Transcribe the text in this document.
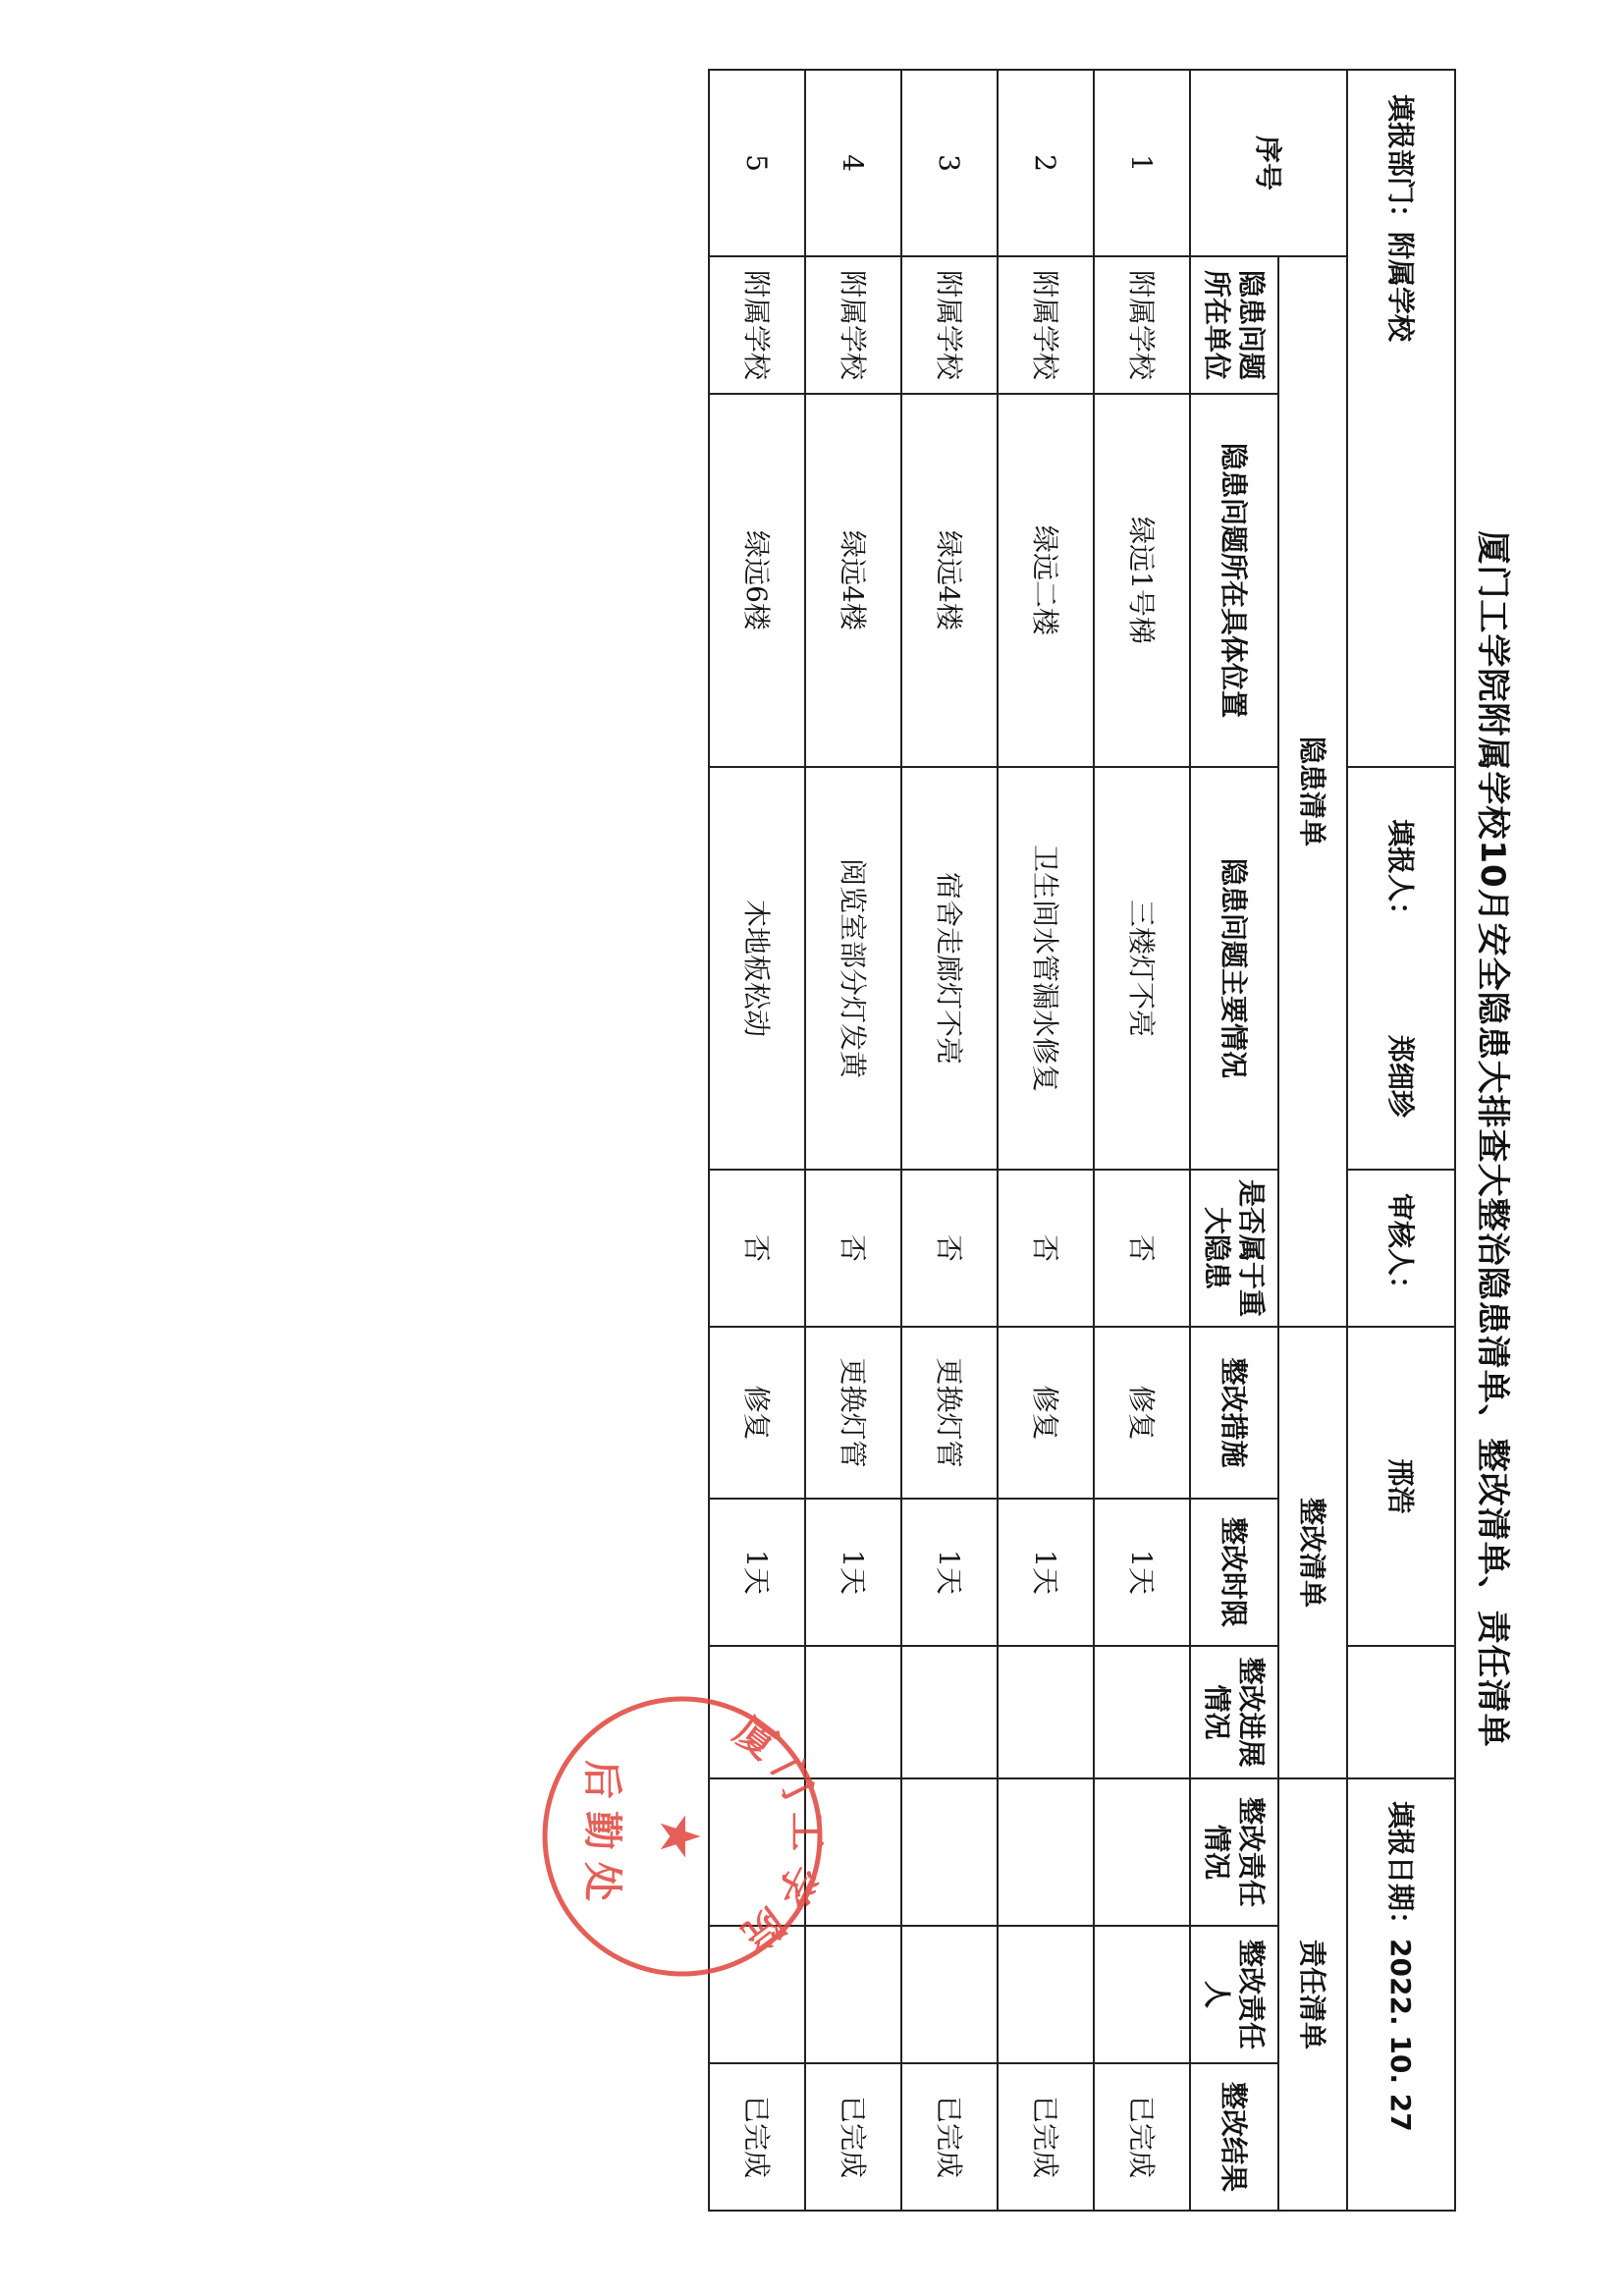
厦门工学院附属学校10月安全隐患大排查大整治隐患清单、整改清单、责任清单
填报部门：附属学校			填报人：  郑细珍	审核人：	邢浩			填报日期：2022. 10. 27		
序号	隐患清单				整改清单			责任清单		
	隐患问题所在单位	隐患问题所在具体位置	隐患问题主要情况	是否属于重大隐患	整改措施	整改时限	整改进展情况	整改责任情况	整改责任人	整改结果
1	附属学校	绿远1号梯	三楼灯不亮	否	修复	1天				已完成
2	附属学校	绿远二楼	卫生间水管漏水修复	否	修复	1天				已完成
3	附属学校	绿远4楼	宿舍走廊灯不亮	否	更换灯管	1天				已完成
4	附属学校	绿远4楼	阅览室部分灯发黄	否	更换灯管	1天				已完成
5	附属学校	绿远6楼	木地板松动	否	修复	1天				已完成
厦门工学院
★
后勤处
